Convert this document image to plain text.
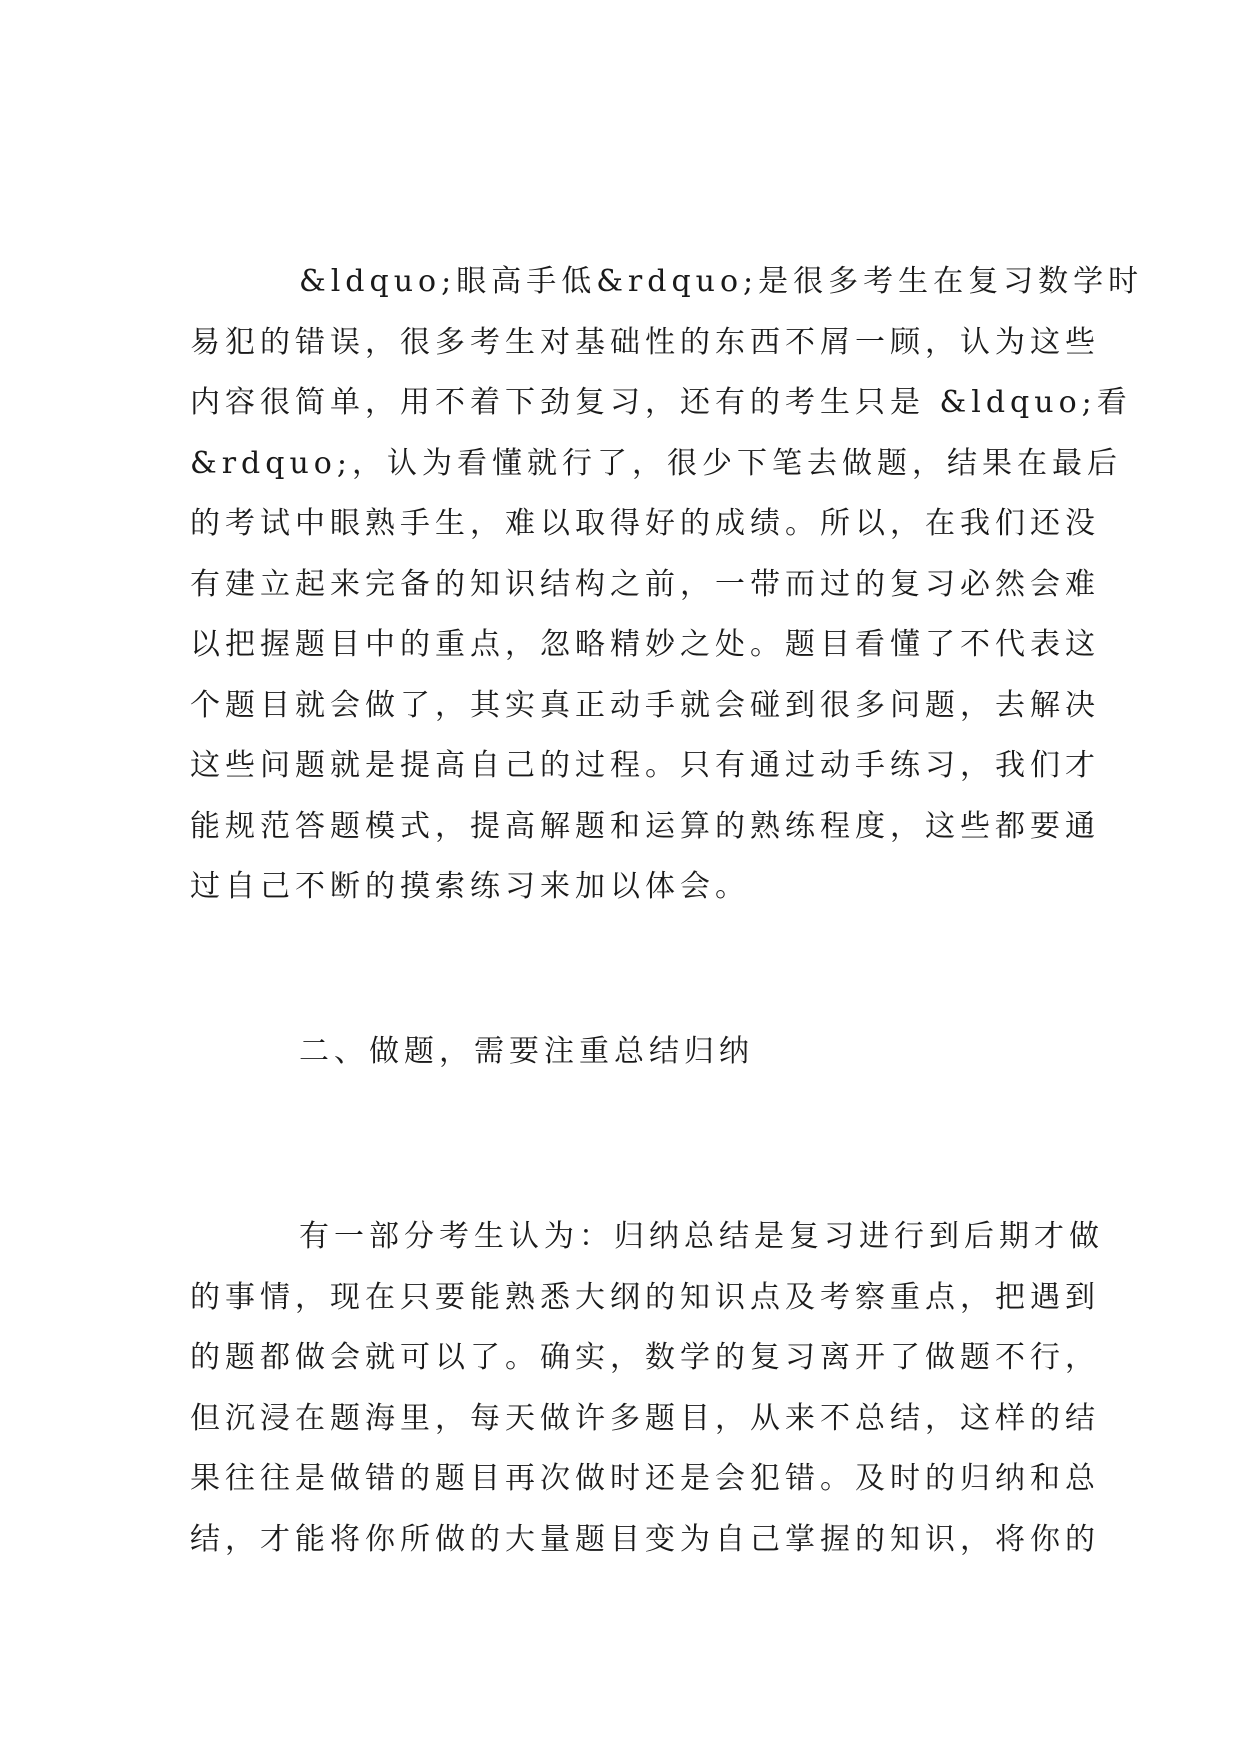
&ldquo;眼高手低&rdquo;是很多考生在复习数学时
易犯的错误，很多考生对基础性的东西不屑一顾，认为这些
内容很简单，用不着下劲复习，还有的考生只是 &ldquo;看
&rdquo;，认为看懂就行了，很少下笔去做题，结果在最后
的考试中眼熟手生，难以取得好的成绩。所以，在我们还没
有建立起来完备的知识结构之前，一带而过的复习必然会难
以把握题目中的重点，忽略精妙之处。题目看懂了不代表这
个题目就会做了，其实真正动手就会碰到很多问题，去解决
这些问题就是提高自己的过程。只有通过动手练习，我们才
能规范答题模式，提高解题和运算的熟练程度，这些都要通
过自己不断的摸索练习来加以体会。
二、做题，需要注重总结归纳
有一部分考生认为：归纳总结是复习进行到后期才做
的事情，现在只要能熟悉大纲的知识点及考察重点，把遇到
的题都做会就可以了。确实，数学的复习离开了做题不行，
但沉浸在题海里，每天做许多题目，从来不总结，这样的结
果往往是做错的题目再次做时还是会犯错。及时的归纳和总
结，才能将你所做的大量题目变为自己掌握的知识，将你的
